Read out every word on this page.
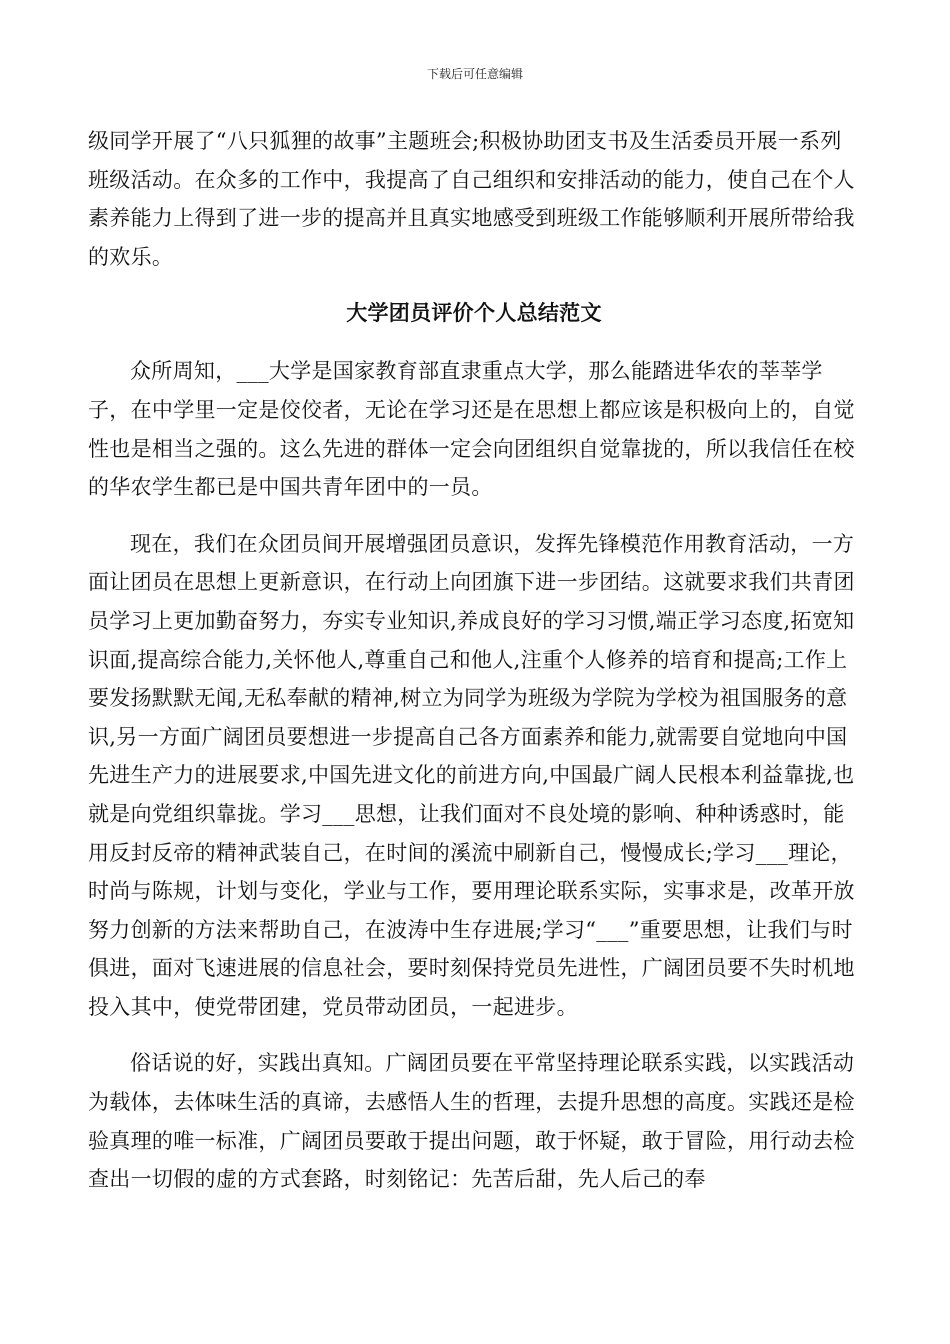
下载后可任意编辑

级同学开展了“八只狐狸的故事”主题班会;积极协助团支书及生活委员开展一系列班级活动。在众多的工作中，我提高了自己组织和安排活动的能力，使自己在个人素养能力上得到了进一步的提高并且真实地感受到班级工作能够顺利开展所带给我的欢乐。

大学团员评价个人总结范文

众所周知，___大学是国家教育部直隶重点大学，那么能踏进华农的莘莘学子，在中学里一定是佼佼者，无论在学习还是在思想上都应该是积极向上的，自觉性也是相当之强的。这么先进的群体一定会向团组织自觉靠拢的，所以我信任在校的华农学生都已是中国共青年团中的一员。

现在，我们在众团员间开展增强团员意识，发挥先锋模范作用教育活动，一方面让团员在思想上更新意识，在行动上向团旗下进一步团结。这就要求我们共青团员学习上更加勤奋努力，夯实专业知识,养成良好的学习习惯,端正学习态度,拓宽知识面,提高综合能力,关怀他人,尊重自己和他人,注重个人修养的培育和提高;工作上要发扬默默无闻,无私奉献的精神,树立为同学为班级为学院为学校为祖国服务的意识,另一方面广阔团员要想进一步提高自己各方面素养和能力,就需要自觉地向中国先进生产力的进展要求,中国先进文化的前进方向,中国最广阔人民根本利益靠拢,也就是向党组织靠拢。学习___思想，让我们面对不良处境的影响、种种诱惑时，能用反封反帝的精神武装自己，在时间的溪流中刷新自己，慢慢成长;学习___理论，时尚与陈规，计划与变化，学业与工作，要用理论联系实际，实事求是，改革开放努力创新的方法来帮助自己，在波涛中生存进展;学习“___”重要思想，让我们与时俱进，面对飞速进展的信息社会，要时刻保持党员先进性，广阔团员要不失时机地投入其中，使党带团建，党员带动团员，一起进步。

俗话说的好，实践出真知。广阔团员要在平常坚持理论联系实践，以实践活动为载体，去体味生活的真谛，去感悟人生的哲理，去提升思想的高度。实践还是检验真理的唯一标准，广阔团员要敢于提出问题，敢于怀疑，敢于冒险，用行动去检查出一切假的虚的方式套路，时刻铭记：先苦后甜，先人后己的奉
